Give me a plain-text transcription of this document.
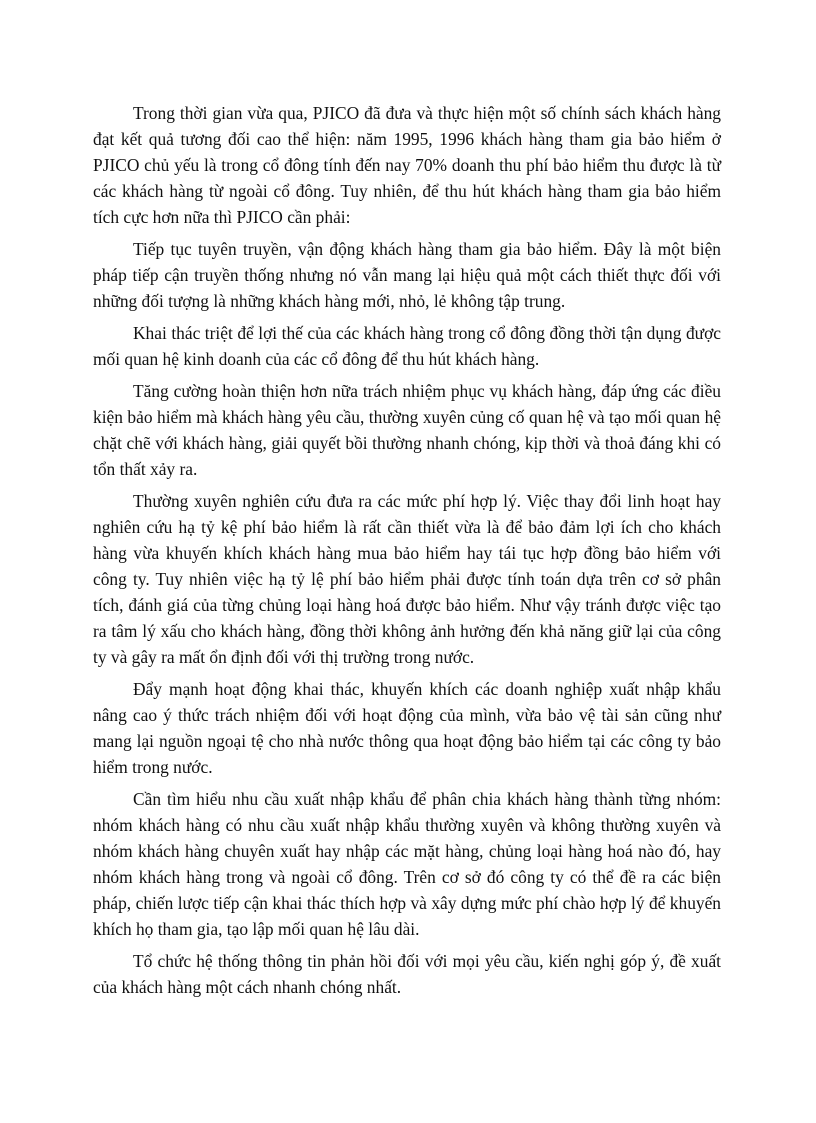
Trong thời gian vừa qua, PJICO đã đưa và thực hiện một số chính sách khách hàng đạt kết quả tương đối cao thể hiện: năm 1995, 1996 khách hàng tham gia bảo hiểm ở PJICO chủ yếu là trong cổ đông tính đến nay 70% doanh thu phí bảo hiểm thu được là từ các khách hàng từ ngoài cổ đông. Tuy nhiên, để thu hút khách hàng tham gia bảo hiểm tích cực hơn nữa thì PJICO cần phải:

Tiếp tục tuyên truyền, vận động khách hàng tham gia bảo hiểm. Đây là một biện pháp tiếp cận truyền thống nhưng nó vẫn mang lại hiệu quả một cách thiết thực đối với những đối tượng là những khách hàng mới, nhỏ, lẻ không tập trung.

Khai thác triệt để lợi thế của các khách hàng trong cổ đông đồng thời tận dụng được mối quan hệ kinh doanh của các cổ đông để thu hút khách hàng.

Tăng cường hoàn thiện hơn nữa trách nhiệm phục vụ khách hàng, đáp ứng các điều kiện bảo hiểm mà khách hàng yêu cầu, thường xuyên củng cố quan hệ và tạo mối quan hệ chặt chẽ với khách hàng, giải quyết bồi thường nhanh chóng, kịp thời và thoả đáng khi có tổn thất xảy ra.

Thường xuyên nghiên cứu đưa ra các mức phí hợp lý. Việc thay đổi linh hoạt hay nghiên cứu hạ tỷ kệ phí bảo hiểm là rất cần thiết vừa là để bảo đảm lợi ích cho khách hàng vừa khuyến khích khách hàng mua bảo hiểm hay tái tục hợp đồng bảo hiểm với công ty. Tuy nhiên việc hạ tỷ lệ phí bảo hiểm phải được tính toán dựa trên cơ sở phân tích, đánh giá của từng chủng loại hàng hoá được bảo hiểm. Như vậy tránh được việc tạo ra tâm lý xấu cho khách hàng, đồng thời không ảnh hưởng đến khả năng giữ lại của công ty và gây ra mất ổn định đối với thị trường trong nước.

Đẩy mạnh hoạt động khai thác, khuyến khích các doanh nghiệp xuất nhập khẩu nâng cao ý thức trách nhiệm đối với hoạt động của mình, vừa bảo vệ tài sản cũng như mang lại nguồn ngoại tệ cho nhà nước thông qua hoạt động bảo hiểm tại các công ty bảo hiểm trong nước.

Cần tìm hiểu nhu cầu xuất nhập khẩu để phân chia khách hàng thành từng nhóm: nhóm khách hàng có nhu cầu xuất nhập khẩu thường xuyên và không thường xuyên và nhóm khách hàng chuyên xuất hay nhập các mặt hàng, chủng loại hàng hoá nào đó, hay nhóm khách hàng trong và ngoài cổ đông. Trên cơ sở đó công ty có thể đề ra các biện pháp, chiến lược tiếp cận khai thác thích hợp và xây dựng mức phí chào hợp lý để khuyến khích họ tham gia, tạo lập mối quan hệ lâu dài.

Tổ chức hệ thống thông tin phản hồi đối với mọi yêu cầu, kiến nghị góp ý, đề xuất của khách hàng một cách nhanh chóng nhất.
